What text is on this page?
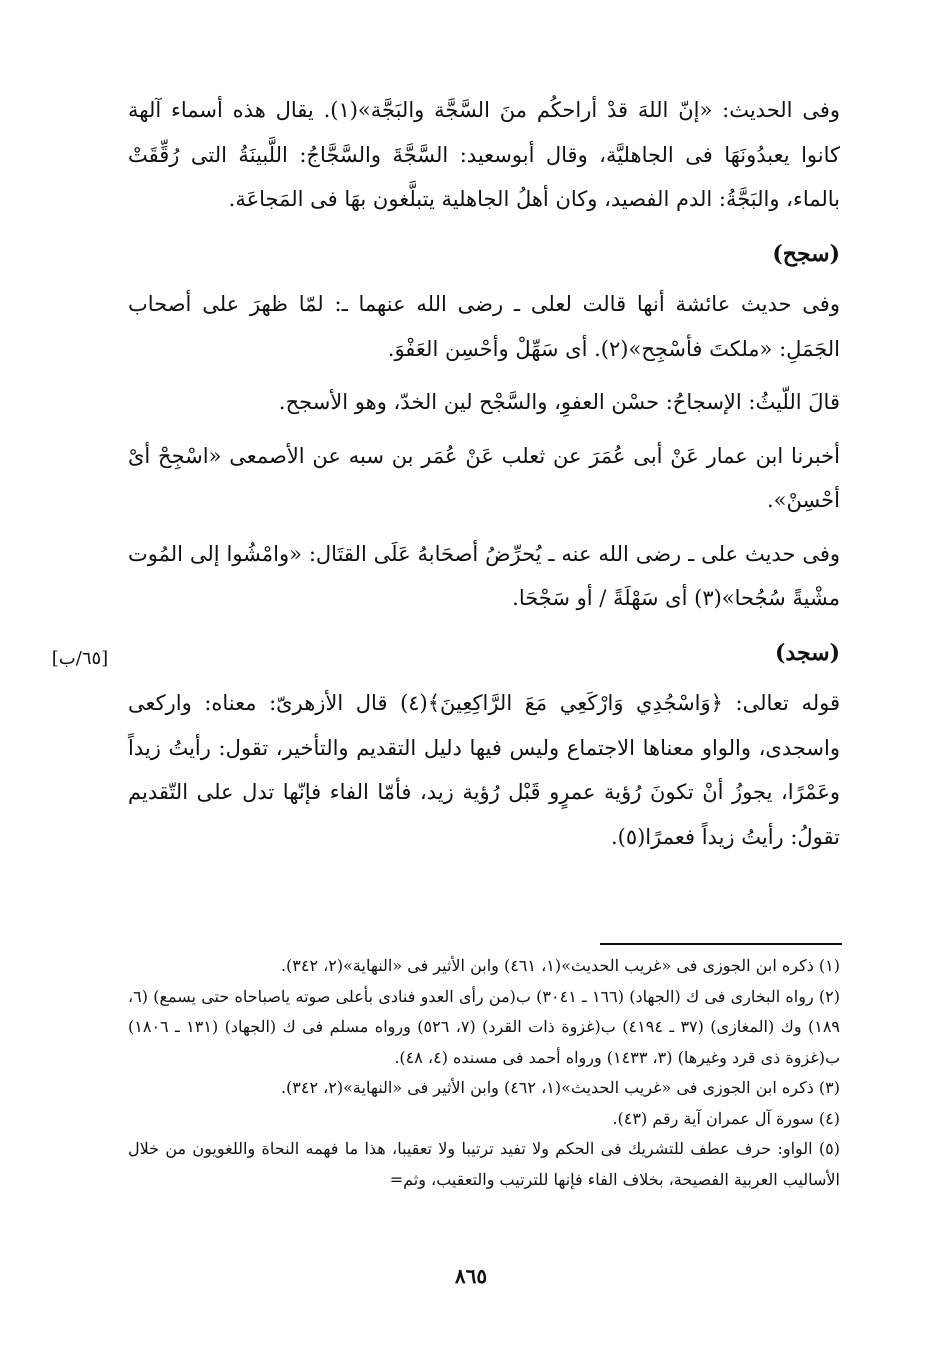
وفى الحديث: «إنّ اللهَ قدْ أراحكُم منَ السَّجَّة والبَجَّة»(١). يقال هذه أسماء آلهة كانوا يعبدُونَهَا فى الجاهليَّة، وقال أبوسعيد: السَّجَّةَ والسَّجَّاجُ: اللَّبينَةُ التى رُقِّقَتْ بالماء، والبَجَّةُ: الدم الفصيد، وكان أهلُ الجاهلية يتبلَّغون بهَا فى المَجاعَة.

(سجح)

وفى حديث عائشة أنها قالت لعلى ـ رضى الله عنهما ـ: لمّا ظهرَ على أصحاب الجَمَلِ: «ملكتَ فأسْجِح»(٢). أى سَهِّلْ وأحْسِن العَفْوَ.

قالَ اللّيثُ: الإسجاحُ: حسْن العفوِ، والسَّجْح لين الخدّ، وهو الأسجح.

أخبرنا ابن عمار عَنْ أبى عُمَرَ عن ثعلب عَنْ عُمَر بن سبه عن الأصمعى «اسْجِحْ أىْ أحْسِنْ».

وفى حديث على ـ رضى الله عنه ـ يُحرِّضُ أصحَابهُ عَلَى القتَال: «وامْشُوا إلى المُوت مشْيةً سُجُحا»(٣) أى سَهْلَةً / أو سَجْحَا.

(سجد)

قوله تعالى: ﴿وَاسْجُدِي وَارْكَعِي مَعَ الرَّاكِعِينَ﴾(٤) قال الأزهرىّ: معناه: واركعى واسجدى، والواو معناها الاجتماع وليس فيها دليل التقديم والتأخير، تقول: رأيتُ زيداً وعَمْرًا، يجوزُ أنْ تكونَ رُؤية عمرٍو قَبْل رُؤية زيد، فأمّا الفاء فإنّها تدل على التّقديم تقولُ: رأيتُ زيداً فعمرًا(٥).

[٦٥/ب]

(١) ذكره ابن الجوزى فى «غريب الحديث»(١، ٤٦١) وابن الأثير فى «النهاية»(٢، ٣٤٢).

(٢) رواه البخارى فى ك (الجهاد) (١٦٦ ـ ٣٠٤١) ب(من رأى العدو فنادى بأعلى صوته ياصباحاه حتى يسمع) (٦، ١٨٩) وك (المغازى) (٣٧ ـ ٤١٩٤) ب(غزوة ذات القرد) (٧، ٥٢٦) ورواه مسلم فى ك (الجهاد) (١٣١ ـ ١٨٠٦) ب(غزوة ذى قرد وغيرها) (٣، ١٤٣٣) ورواه أحمد فى مسنده (٤، ٤٨).

(٣) ذكره ابن الجوزى فى «غريب الحديث»(١، ٤٦٢) وابن الأثير فى «النهاية»(٢، ٣٤٢).

(٤) سورة آل عمران آية رقم (٤٣).

(٥) الواو: حرف عطف للتشريك فى الحكم ولا تفيد ترتيبا ولا تعقيبا، هذا ما فهمه النحاة واللغويون من خلال الأساليب العربية الفصيحة، بخلاف الفاء فإنها للترتيب والتعقيب، وثم=

٨٦٥
